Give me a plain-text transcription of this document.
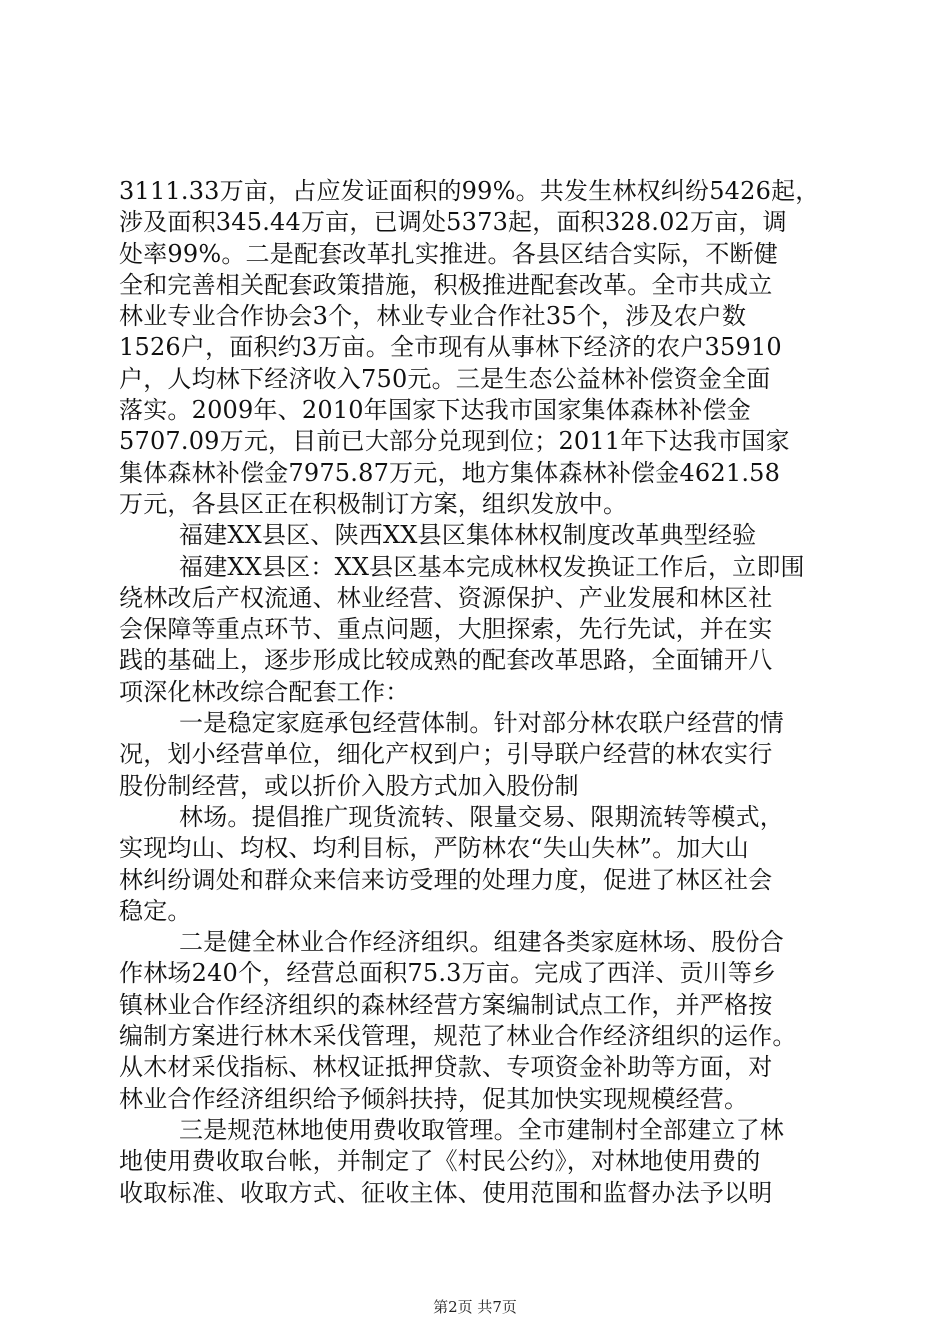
3111.33万亩，占应发证面积的99%。共发生林权纠纷5426起，
涉及面积345.44万亩，已调处5373起，面积328.02万亩，调
处率99%。二是配套改革扎实推进。各县区结合实际，不断健
全和完善相关配套政策措施，积极推进配套改革。全市共成立
林业专业合作协会3个，林业专业合作社35个，涉及农户数
1526户，面积约3万亩。全市现有从事林下经济的农户35910
户，人均林下经济收入750元。三是生态公益林补偿资金全面
落实。2009年、2010年国家下达我市国家集体森林补偿金
5707.09万元，目前已大部分兑现到位；2011年下达我市国家
集体森林补偿金7975.87万元，地方集体森林补偿金4621.58
万元，各县区正在积极制订方案，组织发放中。
福建XX县区、陕西XX县区集体林权制度改革典型经验
福建XX县区：XX县区基本完成林权发换证工作后，立即围
绕林改后产权流通、林业经营、资源保护、产业发展和林区社
会保障等重点环节、重点问题，大胆探索，先行先试，并在实
践的基础上，逐步形成比较成熟的配套改革思路，全面铺开八
项深化林改综合配套工作：
一是稳定家庭承包经营体制。针对部分林农联户经营的情
况，划小经营单位，细化产权到户；引导联户经营的林农实行
股份制经营，或以折价入股方式加入股份制
林场。提倡推广现货流转、限量交易、限期流转等模式，
实现均山、均权、均利目标，严防林农“失山失林”。加大山
林纠纷调处和群众来信来访受理的处理力度，促进了林区社会
稳定。
二是健全林业合作经济组织。组建各类家庭林场、股份合
作林场240个，经营总面积75.3万亩。完成了西洋、贡川等乡
镇林业合作经济组织的森林经营方案编制试点工作，并严格按
编制方案进行林木采伐管理，规范了林业合作经济组织的运作。
从木材采伐指标、林权证抵押贷款、专项资金补助等方面，对
林业合作经济组织给予倾斜扶持，促其加快实现规模经营。
三是规范林地使用费收取管理。全市建制村全部建立了林
地使用费收取台帐，并制定了《村民公约》，对林地使用费的
收取标准、收取方式、征收主体、使用范围和监督办法予以明
第2页 共7页
